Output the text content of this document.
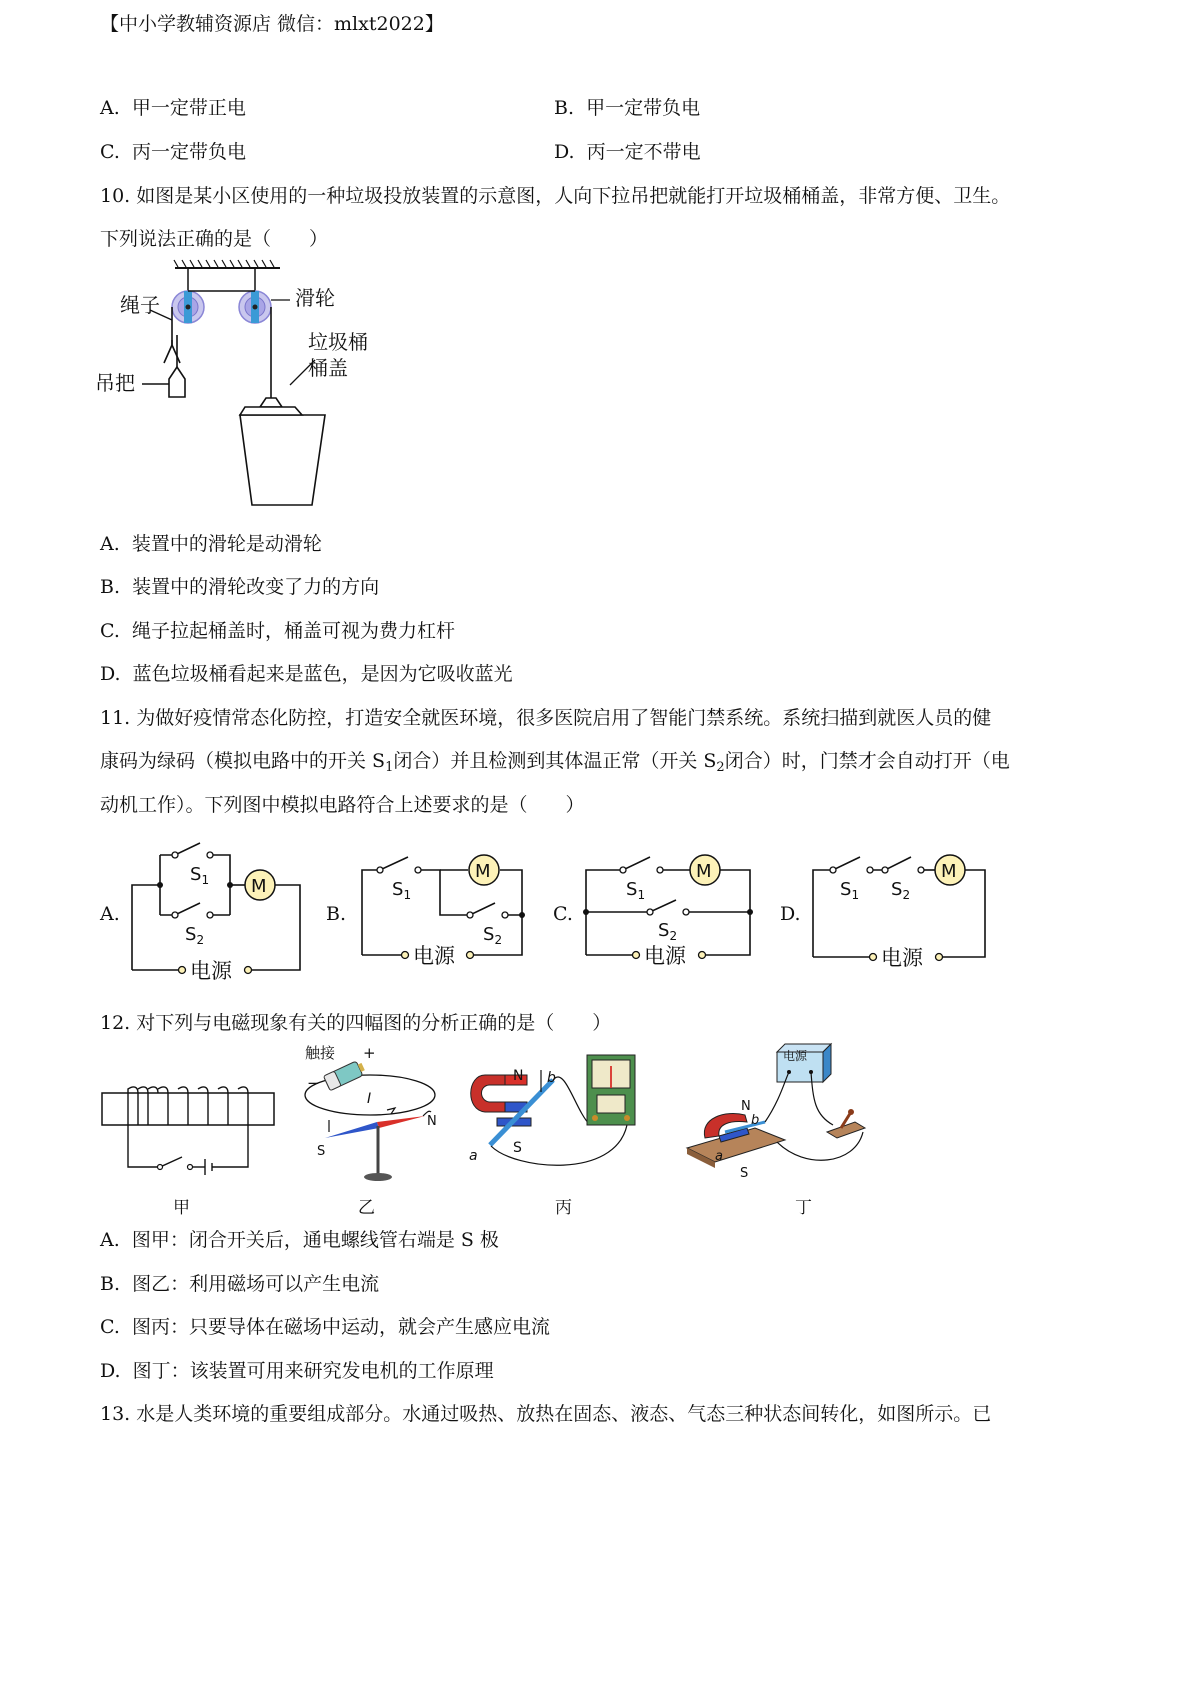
【中小学教辅资源店 微信：mlxt2022】
A. 甲一定带正电	B. 甲一定带负电
C. 丙一定带负电	D. 丙一定不带电
10. 如图是某小区使用的一种垃圾投放装置的示意图，人向下拉吊把就能打开垃圾桶桶盖，非常方便、卫生。
下列说法正确的是（　　）
绳子	滑轮
吊把
垃圾桶
桶盖
A. 装置中的滑轮是动滑轮
B. 装置中的滑轮改变了力的方向
C. 绳子拉起桶盖时，桶盖可视为费力杠杆
D. 蓝色垃圾桶看起来是蓝色，是因为它吸收蓝光
11. 为做好疫情常态化防控，打造安全就医环境，很多医院启用了智能门禁系统。系统扫描到就医人员的健
康码为绿码（模拟电路中的开关 $S_1$闭合）并且检测到其体温正常（开关 $S_2$闭合）时，门禁才会自动打开（电
动机工作）。下列图中模拟电路符合上述要求的是（　　）
A.
M
$S_1$
$S_2$
电源
B.
M
$S_1$
$S_2$
电源
C.
M
$S_1$
$S_2$
电源
D.
M
$S_1$ $S_2$
电源
12. 对下列与电磁现象有关的四幅图的分析正确的是（　　）
甲
触接 +
−
I
N
S
乙
N
S
a
b
丙
电源
N
b
a
S
丁
A. 图甲：闭合开关后，通电螺线管右端是 S 极
B. 图乙：利用磁场可以产生电流
C. 图丙：只要导体在磁场中运动，就会产生感应电流
D. 图丁：该装置可用来研究发电机的工作原理
13. 水是人类环境的重要组成部分。水通过吸热、放热在固态、液态、气态三种状态间转化，如图所示。已
